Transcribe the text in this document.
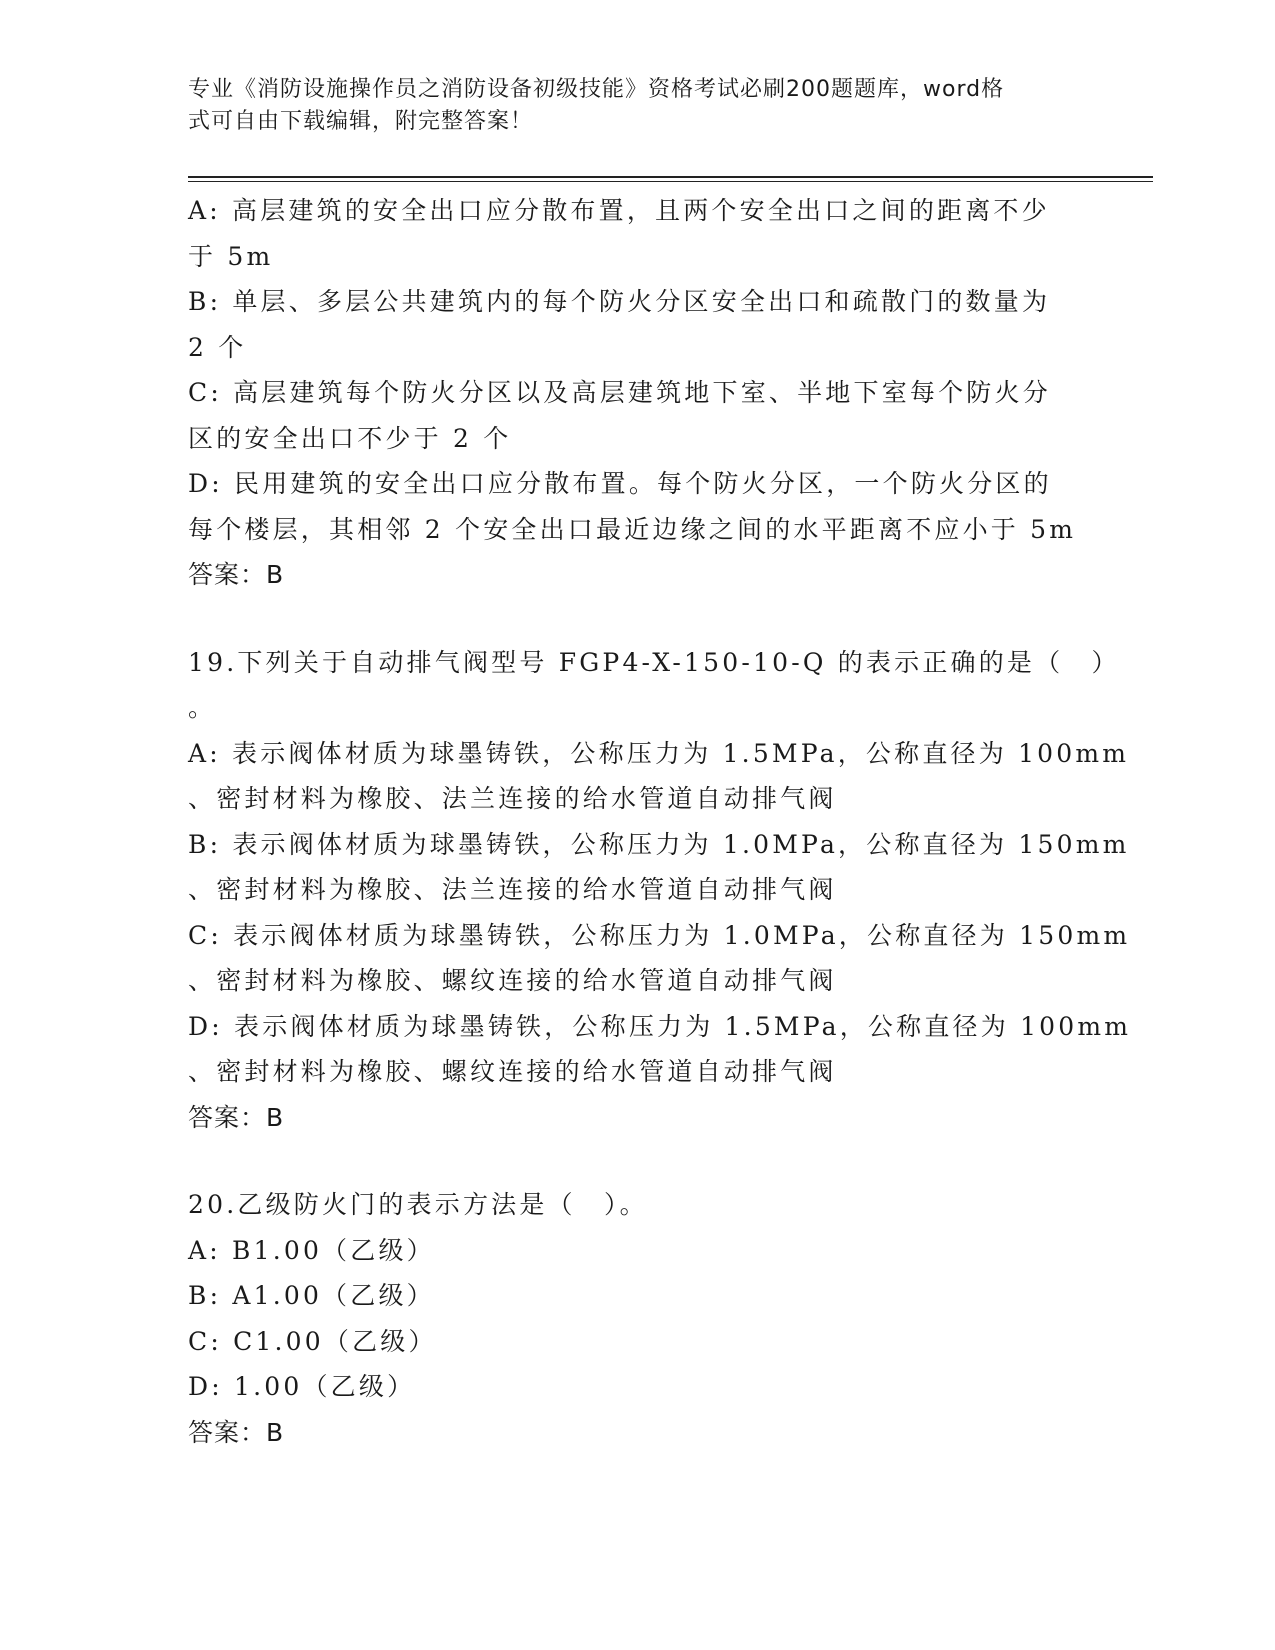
专业《消防设施操作员之消防设备初级技能》资格考试必刷200题题库，word格
式可自由下载编辑，附完整答案！
A: 高层建筑的安全出口应分散布置，且两个安全出口之间的距离不少
于 5m
B: 单层、多层公共建筑内的每个防火分区安全出口和疏散门的数量为
2 个
C: 高层建筑每个防火分区以及高层建筑地下室、半地下室每个防火分
区的安全出口不少于 2 个
D: 民用建筑的安全出口应分散布置。每个防火分区，一个防火分区的
每个楼层，其相邻 2 个安全出口最近边缘之间的水平距离不应小于 5m
答案：B
19.下列关于自动排气阀型号 FGP4-X-150-10-Q 的表示正确的是（　）
。
A: 表示阀体材质为球墨铸铁，公称压力为 1.5MPa，公称直径为 100mm
、密封材料为橡胶、法兰连接的给水管道自动排气阀
B: 表示阀体材质为球墨铸铁，公称压力为 1.0MPa，公称直径为 150mm
、密封材料为橡胶、法兰连接的给水管道自动排气阀
C: 表示阀体材质为球墨铸铁，公称压力为 1.0MPa，公称直径为 150mm
、密封材料为橡胶、螺纹连接的给水管道自动排气阀
D: 表示阀体材质为球墨铸铁，公称压力为 1.5MPa，公称直径为 100mm
、密封材料为橡胶、螺纹连接的给水管道自动排气阀
答案：B
20.乙级防火门的表示方法是（　）。
A: B1.00（乙级）
B: A1.00（乙级）
C: C1.00（乙级）
D: 1.00（乙级）
答案：B
